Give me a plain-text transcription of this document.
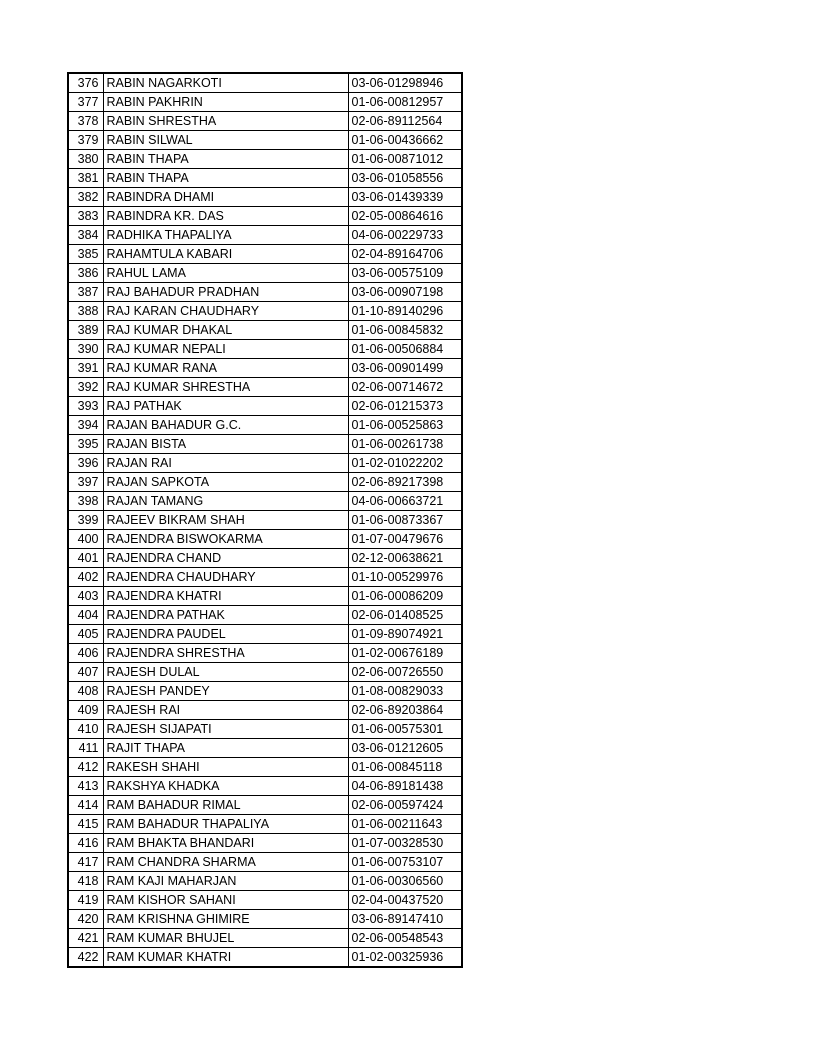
376	RABIN NAGARKOTI	03-06-01298946
377	RABIN PAKHRIN	01-06-00812957
378	RABIN SHRESTHA	02-06-89112564
379	RABIN SILWAL	01-06-00436662
380	RABIN THAPA	01-06-00871012
381	RABIN THAPA	03-06-01058556
382	RABINDRA DHAMI	03-06-01439339
383	RABINDRA KR. DAS	02-05-00864616
384	RADHIKA THAPALIYA	04-06-00229733
385	RAHAMTULA KABARI	02-04-89164706
386	RAHUL LAMA	03-06-00575109
387	RAJ BAHADUR PRADHAN	03-06-00907198
388	RAJ KARAN CHAUDHARY	01-10-89140296
389	RAJ KUMAR DHAKAL	01-06-00845832
390	RAJ KUMAR NEPALI	01-06-00506884
391	RAJ KUMAR RANA	03-06-00901499
392	RAJ KUMAR SHRESTHA	02-06-00714672
393	RAJ PATHAK	02-06-01215373
394	RAJAN BAHADUR G.C.	01-06-00525863
395	RAJAN BISTA	01-06-00261738
396	RAJAN RAI	01-02-01022202
397	RAJAN SAPKOTA	02-06-89217398
398	RAJAN TAMANG	04-06-00663721
399	RAJEEV BIKRAM SHAH	01-06-00873367
400	RAJENDRA BISWOKARMA	01-07-00479676
401	RAJENDRA CHAND	02-12-00638621
402	RAJENDRA CHAUDHARY	01-10-00529976
403	RAJENDRA KHATRI	01-06-00086209
404	RAJENDRA PATHAK	02-06-01408525
405	RAJENDRA PAUDEL	01-09-89074921
406	RAJENDRA SHRESTHA	01-02-00676189
407	RAJESH DULAL	02-06-00726550
408	RAJESH PANDEY	01-08-00829033
409	RAJESH RAI	02-06-89203864
410	RAJESH SIJAPATI	01-06-00575301
411	RAJIT THAPA	03-06-01212605
412	RAKESH SHAHI	01-06-00845118
413	RAKSHYA KHADKA	04-06-89181438
414	RAM BAHADUR RIMAL	02-06-00597424
415	RAM BAHADUR THAPALIYA	01-06-00211643
416	RAM BHAKTA BHANDARI	01-07-00328530
417	RAM CHANDRA SHARMA	01-06-00753107
418	RAM KAJI MAHARJAN	01-06-00306560
419	RAM KISHOR SAHANI	02-04-00437520
420	RAM KRISHNA GHIMIRE	03-06-89147410
421	RAM KUMAR BHUJEL	02-06-00548543
422	RAM KUMAR KHATRI	01-02-00325936
